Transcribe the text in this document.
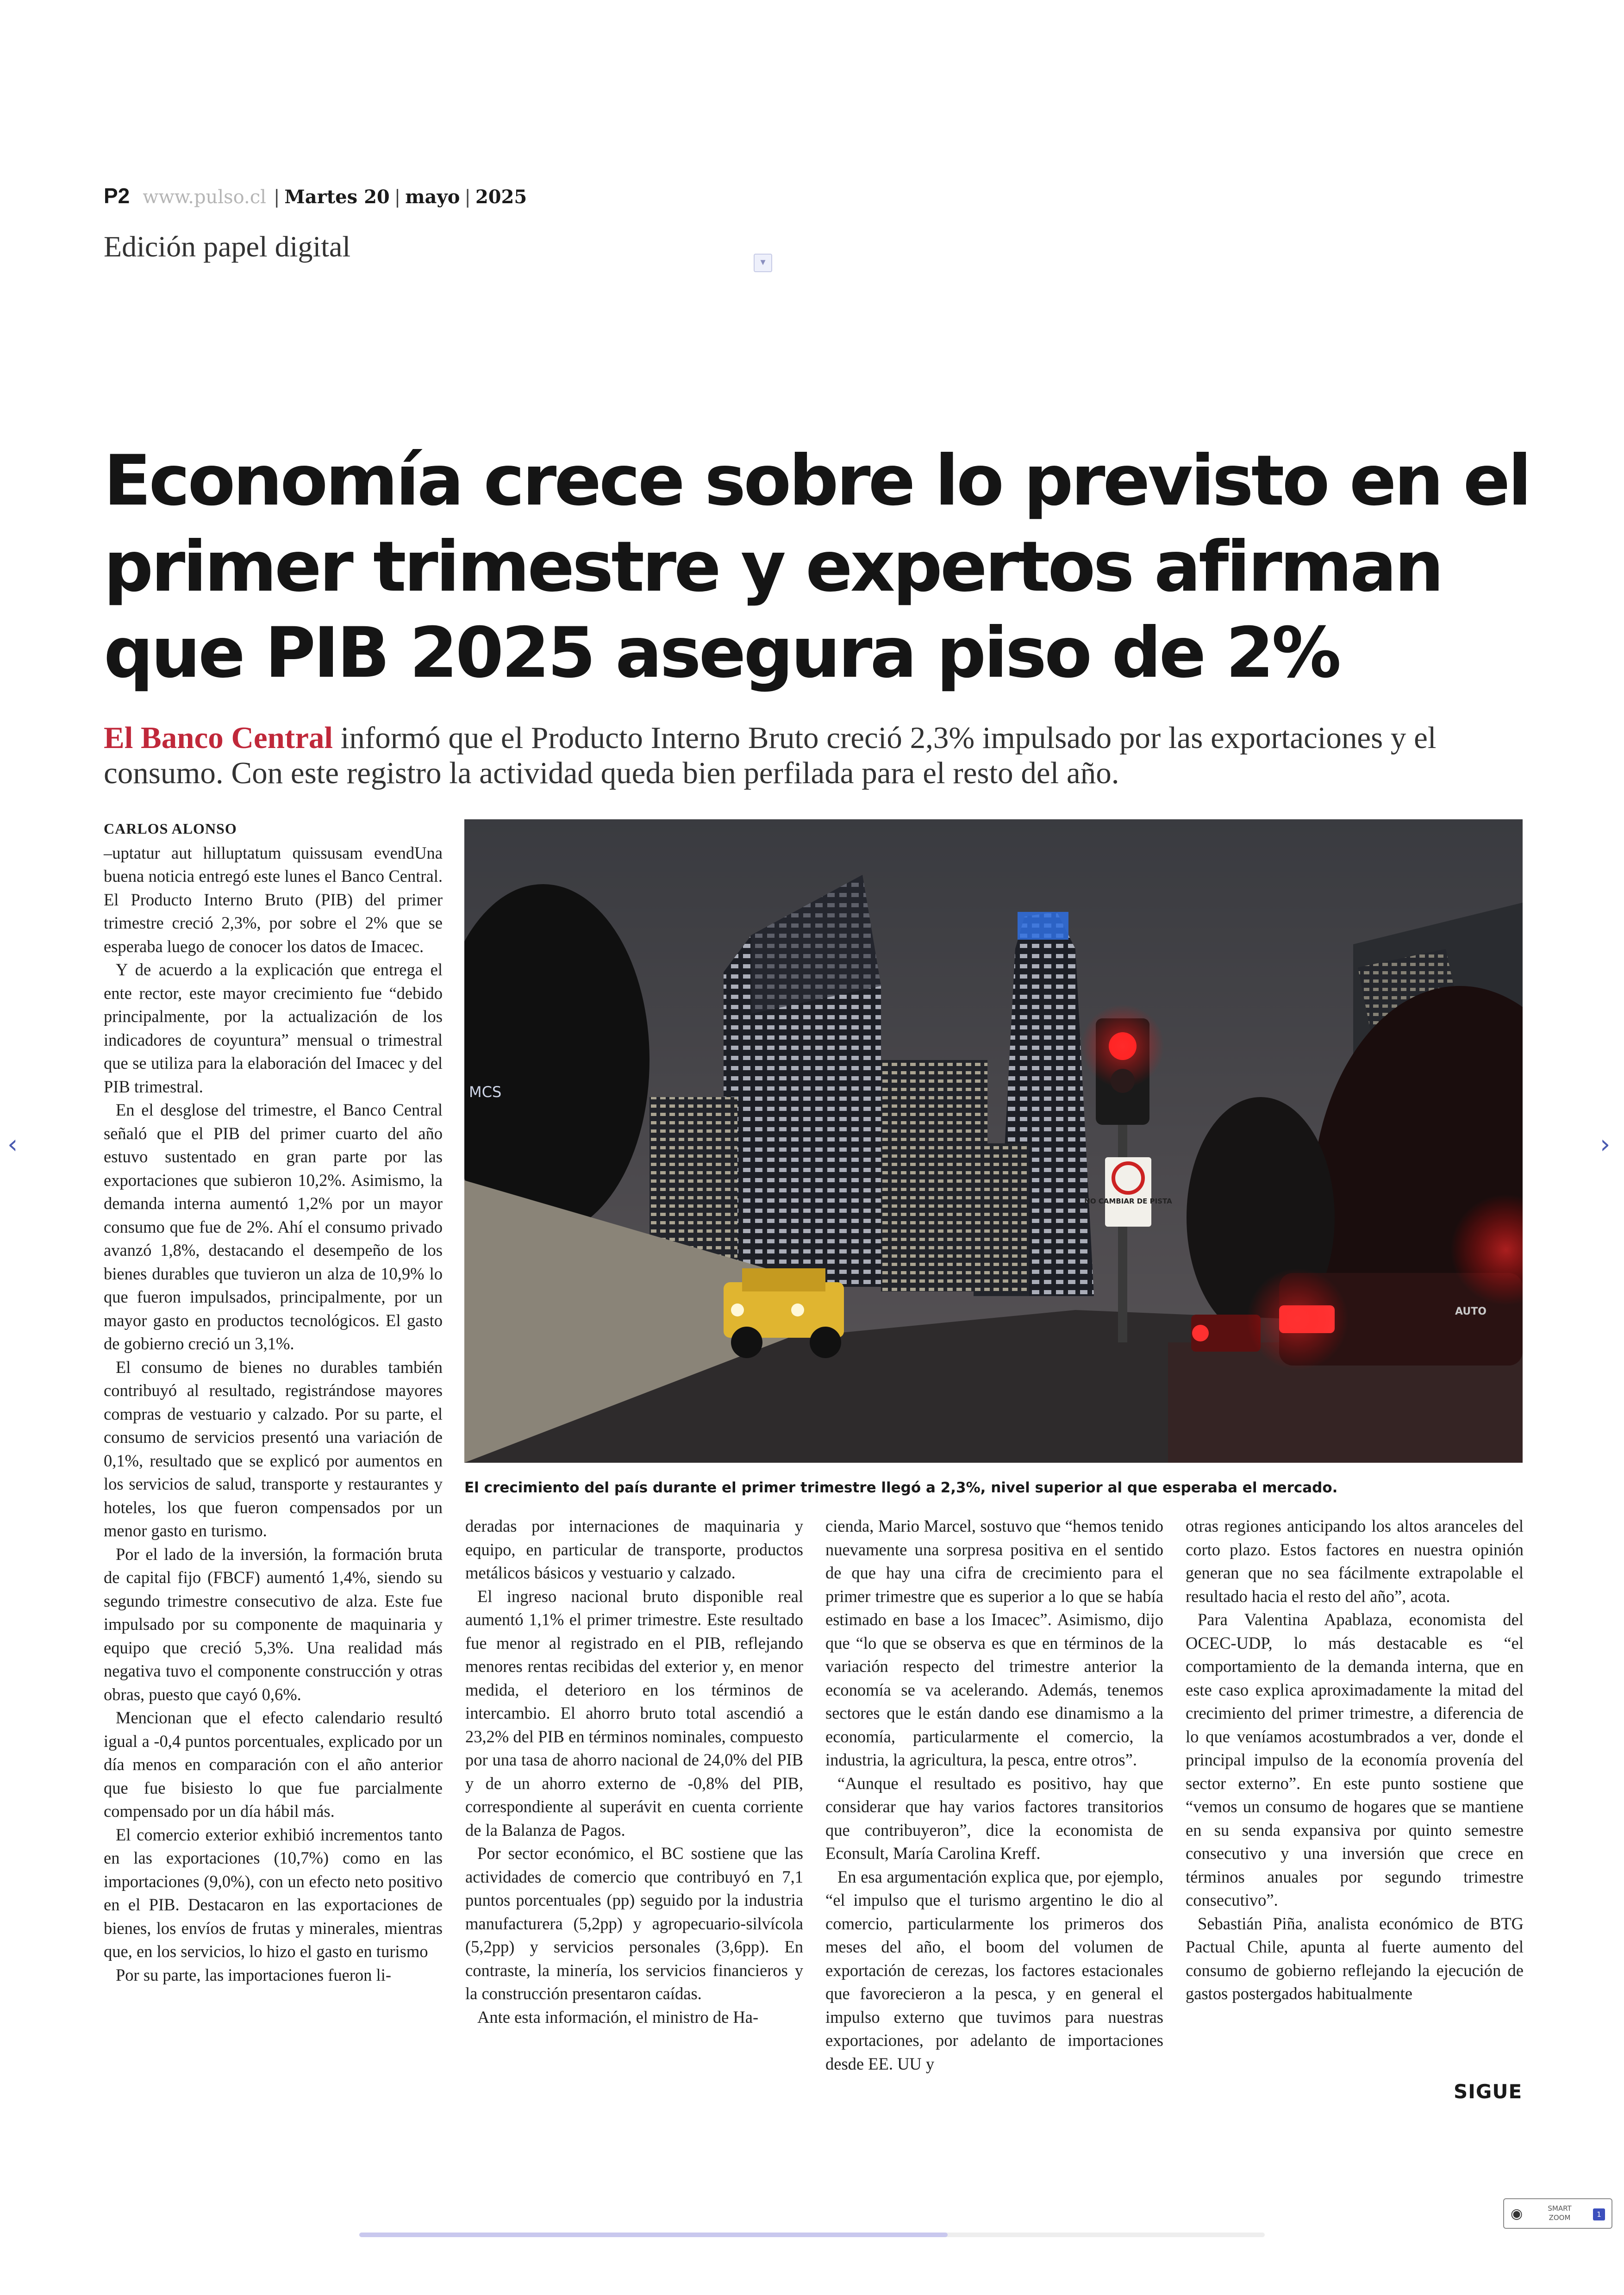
P2 www.pulso.cl | Martes 20 | mayo | 2025
Edición papel digital	▾
Economía crece sobre lo previsto en el
primer trimestre y expertos afirman
que PIB 2025 asegura piso de 2%

El Banco Central informó que el Producto Interno Bruto creció 2,3% impulsado por las exportaciones y el consumo. Con este registro la actividad queda bien perfilada para el resto del año.

CARLOS ALONSO

–uptatur aut hilluptatum quissusam evendUna buena noticia entregó este lunes el Banco Central. El Producto Interno Bruto (PIB) del primer trimestre creció 2,3%, por sobre el 2% que se esperaba luego de conocer los datos de Imacec.

Y de acuerdo a la explicación que entrega el ente rector, este mayor crecimiento fue “debido principalmente, por la actualización de los indicadores de coyuntura” mensual o trimestral que se utiliza para la elaboración del Imacec y del PIB trimestral.

En el desglose del trimestre, el Banco Central señaló que el PIB del primer cuarto del año estuvo sustentado en gran parte por las exportaciones que subieron 10,2%. Asimismo, la demanda interna aumentó 1,2% por un mayor consumo que fue de 2%. Ahí el consumo privado avanzó 1,8%, destacando el desempeño de los bienes durables que tuvieron un alza de 10,9% lo que fueron impulsados, principalmente, por un mayor gasto en productos tecnológicos. El gasto de gobierno creció un 3,1%.

El consumo de bienes no durables también contribuyó al resultado, registrándose mayores compras de vestuario y calzado. Por su parte, el consumo de servicios presentó una variación de 0,1%, resultado que se explicó por aumentos en los servicios de salud, transporte y restaurantes y hoteles, los que fueron compensados por un menor gasto en turismo.

Por el lado de la inversión, la formación bruta de capital fijo (FBCF) aumentó 1,4%, siendo su segundo trimestre consecutivo de alza. Este fue impulsado por su componente de maquinaria y equipo que creció 5,3%. Una realidad más negativa tuvo el componente construcción y otras obras, puesto que cayó 0,6%.

Mencionan que el efecto calendario resultó igual a -0,4 puntos porcentuales, explicado por un día menos en comparación con el año anterior que fue bisiesto lo que fue parcialmente compensado por un día hábil más.

El comercio exterior exhibió incrementos tanto en las exportaciones (10,7%) como en las importaciones (9,0%), con un efecto neto positivo en el PIB. Destacaron en las exportaciones de bienes, los envíos de frutas y minerales, mientras que, en los servicios, lo hizo el gasto en turismo

Por su parte, las importaciones fueron li-

NO CAMBIAR DE PISTA
MCS
AUTO
El crecimiento del país durante el primer trimestre llegó a 2,3%, nivel superior al que esperaba el mercado.

deradas por internaciones de maquinaria y equipo, en particular de transporte, productos metálicos básicos y vestuario y calzado.

El ingreso nacional bruto disponible real aumentó 1,1% el primer trimestre. Este resultado fue menor al registrado en el PIB, reflejando menores rentas recibidas del exterior y, en menor medida, el deterioro en los términos de intercambio. El ahorro bruto total ascendió a 23,2% del PIB en términos nominales, compuesto por una tasa de ahorro nacional de 24,0% del PIB y de un ahorro externo de -0,8% del PIB, correspondiente al superávit en cuenta corriente de la Balanza de Pagos.

Por sector económico, el BC sostiene que las actividades de comercio que contribuyó en 7,1 puntos porcentuales (pp) seguido por la industria manufacturera (5,2pp) y agropecuario-silvícola (5,2pp) y servicios personales (3,6pp). En contraste, la minería, los servicios financieros y la construcción presentaron caídas.

Ante esta información, el ministro de Ha-

cienda, Mario Marcel, sostuvo que “hemos tenido nuevamente una sorpresa positiva en el sentido de que hay una cifra de crecimiento para el primer trimestre que es superior a lo que se había estimado en base a los Imacec”. Asimismo, dijo que “lo que se observa es que en términos de la variación respecto del trimestre anterior la economía se va acelerando. Además, tenemos sectores que le están dando ese dinamismo a la economía, particularmente el comercio, la industria, la agricultura, la pesca, entre otros”.

“Aunque el resultado es positivo, hay que considerar que hay varios factores transitorios que contribuyeron”, dice la economista de Econsult, María Carolina Kreff.

En esa argumentación explica que, por ejemplo, “el impulso que el turismo argentino le dio al comercio, particularmente los primeros dos meses del año, el boom del volumen de exportación de cerezas, los factores estacionales que favorecieron a la pesca, y en general el impulso externo que tuvimos para nuestras exportaciones, por adelanto de importaciones desde EE. UU y

otras regiones anticipando los altos aranceles del corto plazo. Estos factores en nuestra opinión generan que no sea fácilmente extrapolable el resultado hacia el resto del año”, acota.

Para Valentina Apablaza, economista del OCEC-UDP, lo más destacable es “el comportamiento de la demanda interna, que en este caso explica aproximadamente la mitad del crecimiento del primer trimestre, a diferencia de lo que veníamos acostumbrados a ver, donde el principal impulso de la economía provenía del sector externo”. En este punto sostiene que “vemos un consumo de hogares que se mantiene en su senda expansiva por quinto semestre consecutivo y una inversión que crece en términos anuales por segundo trimestre consecutivo”.

Sebastián Piña, analista económico de BTG Pactual Chile, apunta al fuerte aumento del consumo de gobierno reflejando la ejecución de gastos postergados habitualmente

SIGUE
‹	›
◉	SMART
ZOOM	1
